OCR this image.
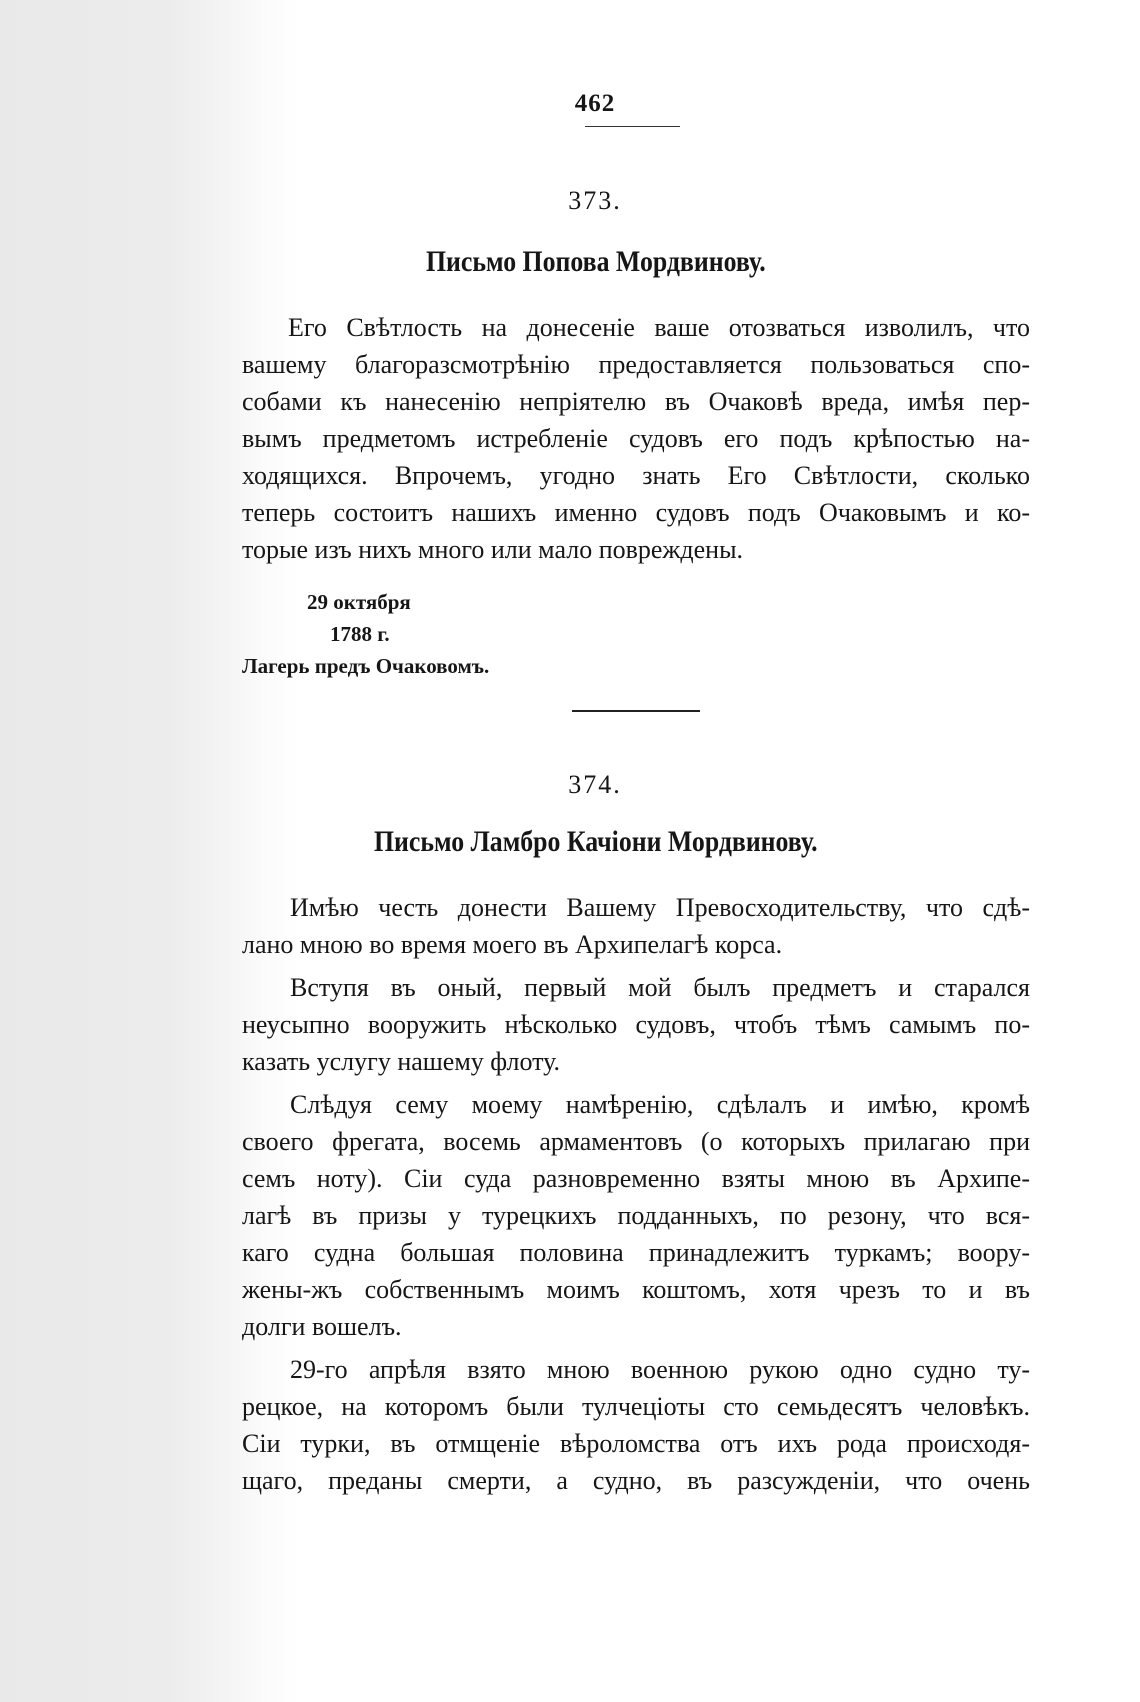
462
373.
Письмо Попова Мордвинову.
Его Свѣтлость на донесеніе ваше отозваться изволилъ, что
вашему благоразсмотрѣнію предоставляется пользоваться спо-
собами къ нанесенію непріятелю въ Очаковѣ вреда, имѣя пер-
вымъ предметомъ истребленіе судовъ его подъ крѣпостью на-
ходящихся. Впрочемъ, угодно знать Его Свѣтлости, сколько
теперь состоитъ нашихъ именно судовъ подъ Очаковымъ и ко-
торые изъ нихъ много или мало повреждены.
29 октября
1788 г.
Лагерь предъ Очаковомъ.
374.
Письмо Ламбро Качіони Мордвинову.
Имѣю честь донести Вашему Превосходительству, что сдѣ-
лано мною во время моего въ Архипелагѣ корса.
Вступя въ оный, первый мой былъ предметъ и старался
неусыпно вооружить нѣсколько судовъ, чтобъ тѣмъ самымъ по-
казать услугу нашему флоту.
Слѣдуя сему моему намѣренію, сдѣлалъ и имѣю, кромѣ
своего фрегата, восемь армаментовъ (о которыхъ прилагаю при
семъ ноту). Сіи суда разновременно взяты мною въ Архипе-
лагѣ въ призы у турецкихъ подданныхъ, по резону, что вся-
каго судна большая половина принадлежитъ туркамъ; воору-
жены-жъ собственнымъ моимъ коштомъ, хотя чрезъ то и въ
долги вошелъ.
29-го апрѣля взято мною военною рукою одно судно ту-
рецкое, на которомъ были тулчеціоты сто семьдесятъ человѣкъ.
Сіи турки, въ отмщеніе вѣроломства отъ ихъ рода происходя-
щаго, преданы смерти, а судно, въ разсужденіи, что очень
